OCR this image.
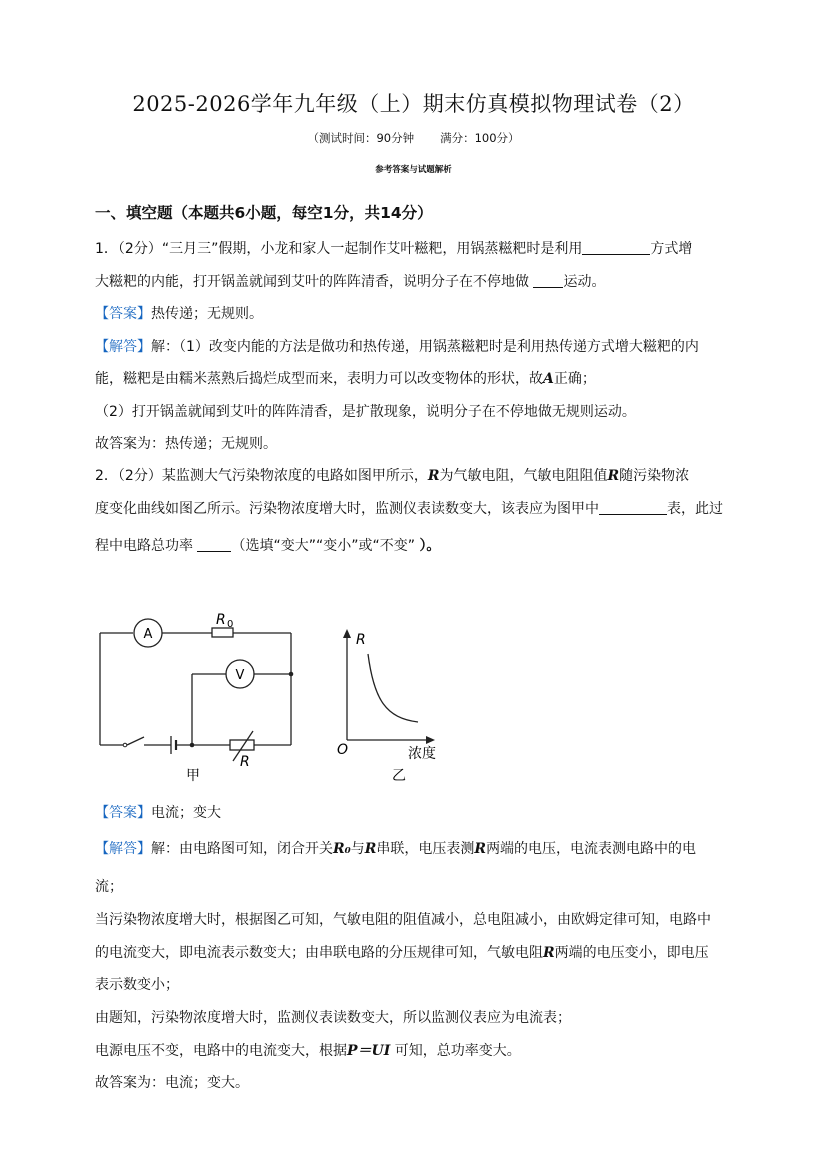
2025-2026学年九年级（上）期末仿真模拟物理试卷（2）
（测试时间：90分钟 满分：100分）
参考答案与试题解析
一、填空题（本题共6小题，每空1分，共14分）
1．（2分）“三月三”假期，小龙和家人一起制作艾叶糍粑，用锅蒸糍粑时是利用	方式增
大糍粑的内能，打开锅盖就闻到艾叶的阵阵清香，说明分子在不停地做 运动。
【答案】热传递；无规则。
【解答】解：（1）改变内能的方法是做功和热传递，用锅蒸糍粑时是利用热传递方式增大糍粑的内
能，糍粑是由糯米蒸熟后捣烂成型而来，表明力可以改变物体的形状，故A正确；
（2）打开锅盖就闻到艾叶的阵阵清香，是扩散现象，说明分子在不停地做无规则运动。
故答案为：热传递；无规则。
2．（2分）某监测大气污染物浓度的电路如图甲所示，R为气敏电阻，气敏电阻阻值R随污染物浓
度变化曲线如图乙所示。污染物浓度增大时，监测仪表读数变大，该表应为图甲中	表，此过
程中电路总功率	（选填“变大”“变小”或“不变” ）。
A
V
R 0
R
甲
R
O	浓度
乙
【答案】电流；变大
【解答】解：由电路图可知，闭合开关R₀与R串联，电压表测R两端的电压，电流表测电路中的电
流；
当污染物浓度增大时，根据图乙可知，气敏电阻的阻值减小，总电阻减小，由欧姆定律可知，电路中
的电流变大，即电流表示数变大；由串联电路的分压规律可知，气敏电阻R两端的电压变小，即电压
表示数变小；
由题知，污染物浓度增大时，监测仪表读数变大，所以监测仪表应为电流表；
电源电压不变，电路中的电流变大，根据P＝UI 可知，总功率变大。
故答案为：电流；变大。
